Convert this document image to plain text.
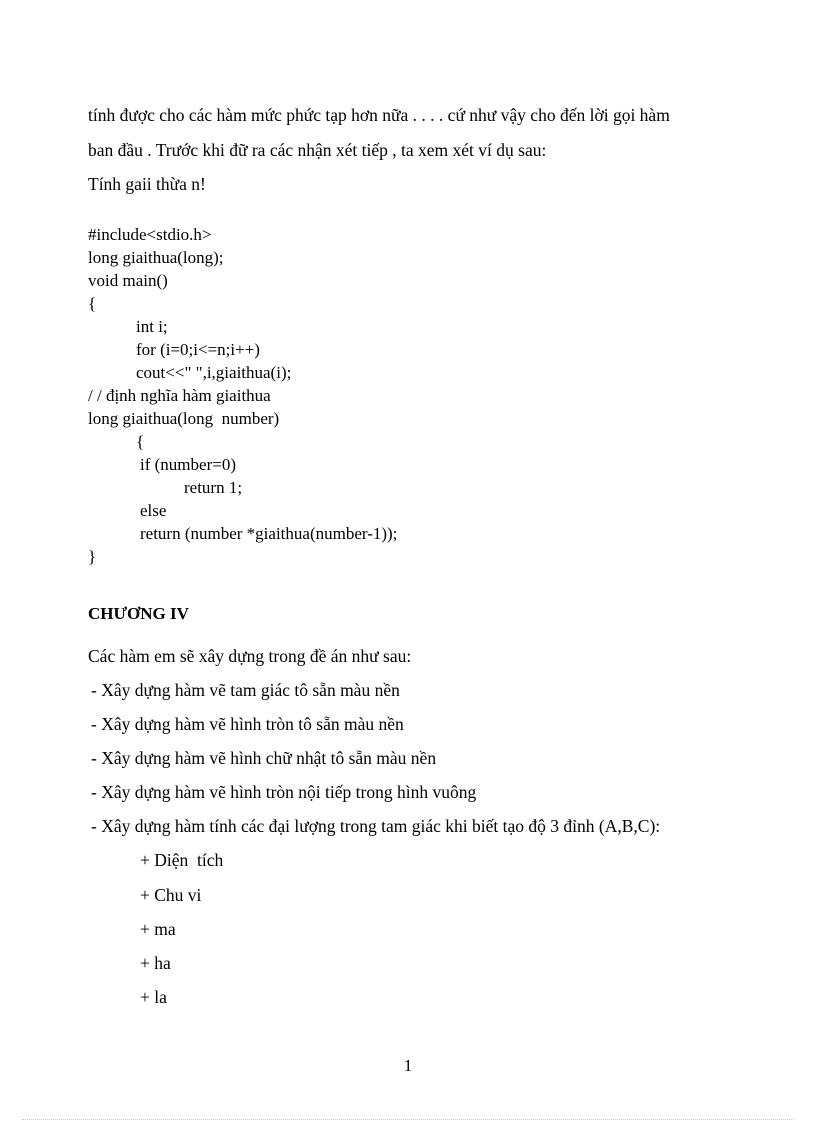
tính được cho các hàm mức phức tạp hơn nữa . . . . cứ như vậy cho đến lời gọi hàm
ban đầu . Trước khi đữ ra các nhận xét tiếp , ta xem xét ví dụ sau:
Tính gaii thừa n!
#include<stdio.h>
long giaithua(long);
void main()
{
int i;
for (i=0;i<=n;i++)
cout<<" ",i,giaithua(i);
/ / định nghĩa hàm giaithua
long giaithua(long  number)
{
if (number=0)
return 1;
else
return (number *giaithua(number-1));
}
CHƯƠNG IV
Các hàm em sẽ xây dựng trong đề án như sau:
- Xây dựng hàm vẽ tam giác tô sẵn màu nền
- Xây dựng hàm vẽ hình tròn tô sẵn màu nền
- Xây dựng hàm vẽ hình chữ nhật tô sẵn màu nền
- Xây dựng hàm vẽ hình tròn nội tiếp trong hình vuông
- Xây dựng hàm tính các đại lượng trong tam giác khi biết tạo độ 3 đỉnh (A,B,C):
+ Diện  tích
+ Chu vi
+ ma
+ ha
+ la
1
